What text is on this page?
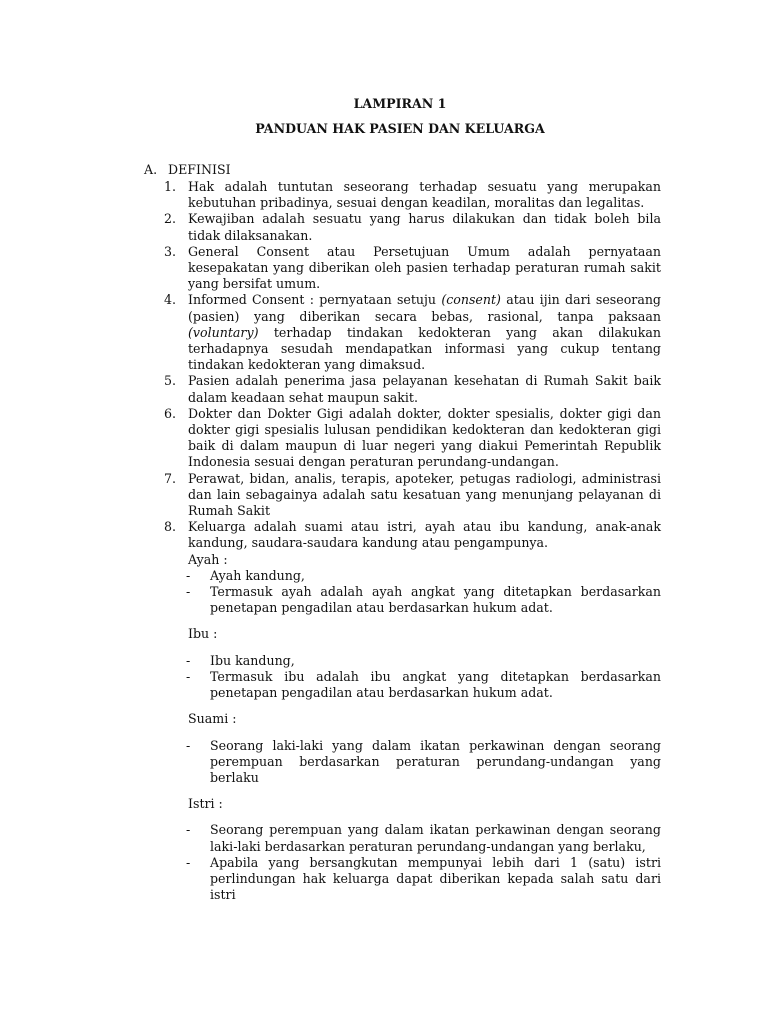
LAMPIRAN 1
PANDUAN HAK PASIEN DAN KELUARGA
A. DEFINISI
1. Hak adalah tuntutan seseorang terhadap sesuatu yang merupakan kebutuhan pribadinya, sesuai dengan keadilan, moralitas dan legalitas.

2. Kewajiban adalah sesuatu yang harus dilakukan dan tidak boleh bila tidak dilaksanakan.

3. General Consent atau Persetujuan Umum adalah pernyataan kesepakatan yang diberikan oleh pasien terhadap peraturan rumah sakit yang bersifat umum.

4. Informed Consent : pernyataan setuju (consent) atau ijin dari seseorang (pasien) yang diberikan secara bebas, rasional, tanpa paksaan (voluntary) terhadap tindakan kedokteran yang akan dilakukan terhadapnya sesudah mendapatkan informasi yang cukup tentang tindakan kedokteran yang dimaksud.

5. Pasien adalah penerima jasa pelayanan kesehatan di Rumah Sakit baik dalam keadaan sehat maupun sakit.

6. Dokter dan Dokter Gigi adalah dokter, dokter spesialis, dokter gigi dan dokter gigi spesialis lulusan pendidikan kedokteran dan kedokteran gigi baik di dalam maupun di luar negeri yang diakui Pemerintah Republik Indonesia sesuai dengan peraturan perundang-undangan.

7. Perawat, bidan, analis, terapis, apoteker, petugas radiologi, administrasi dan lain sebagainya adalah satu kesatuan yang menunjang pelayanan di Rumah Sakit

8. Keluarga adalah suami atau istri, ayah atau ibu kandung, anak-anak kandung, saudara-saudara kandung atau pengampunya.

Ayah :

- Ayah kandung,
- Termasuk ayah adalah ayah angkat yang ditetapkan berdasarkan penetapan pengadilan atau berdasarkan hukum adat.

Ibu :

- Ibu kandung,
- Termasuk ibu adalah ibu angkat yang ditetapkan berdasarkan penetapan pengadilan atau berdasarkan hukum adat.

Suami :

- Seorang laki-laki yang dalam ikatan perkawinan dengan seorang perempuan berdasarkan peraturan perundang-undangan yang berlaku

Istri :

- Seorang perempuan yang dalam ikatan perkawinan dengan seorang laki-laki berdasarkan peraturan perundang-undangan yang berlaku,
- Apabila yang bersangkutan mempunyai lebih dari 1 (satu) istri perlindungan hak keluarga dapat diberikan kepada salah satu dari istri
